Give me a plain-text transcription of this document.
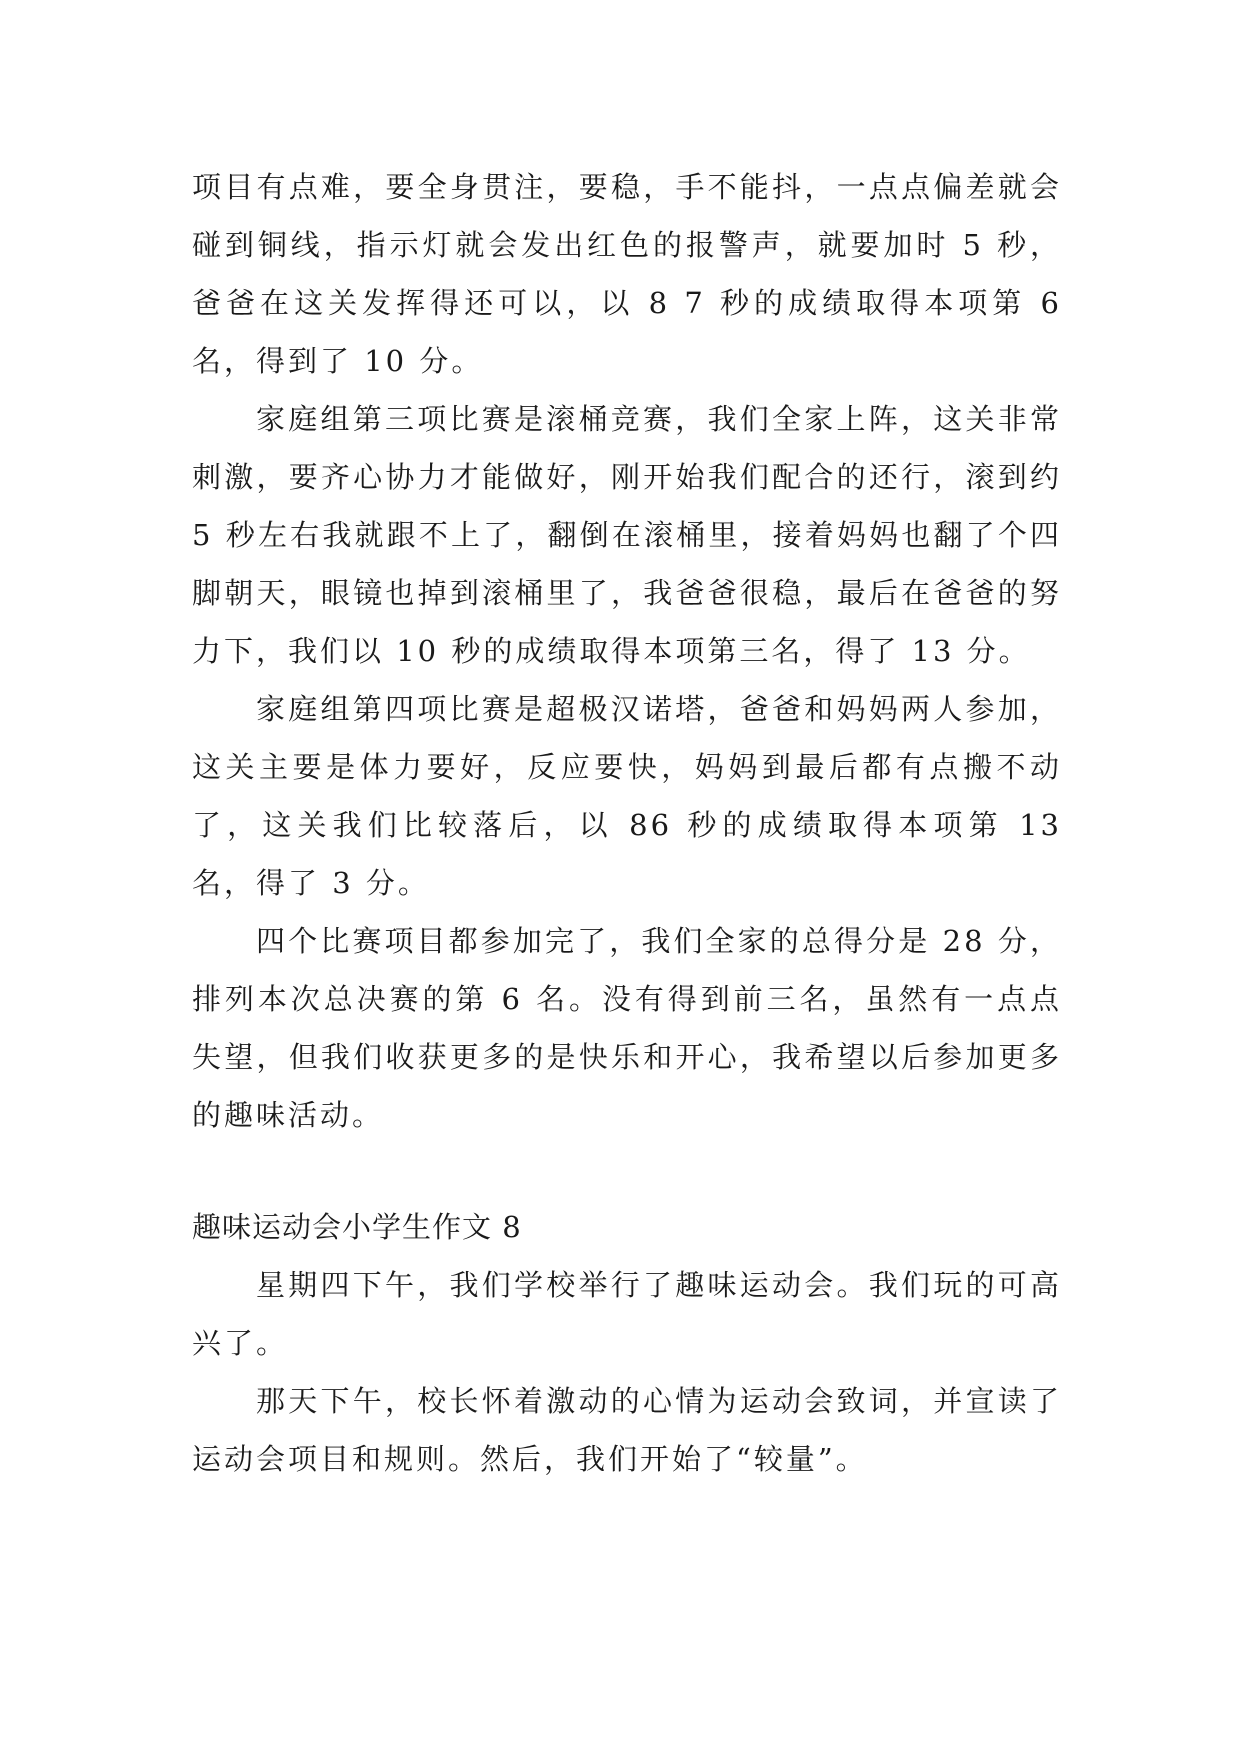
项目有点难，要全身贯注，要稳，手不能抖，一点点偏差就会碰到铜线，指示灯就会发出红色的报警声，就要加时 5 秒，爸爸在这关发挥得还可以，以 8 7 秒的成绩取得本项第 6 名，得到了 10 分。

家庭组第三项比赛是滚桶竞赛，我们全家上阵，这关非常刺激，要齐心协力才能做好，刚开始我们配合的还行，滚到约 5 秒左右我就跟不上了，翻倒在滚桶里，接着妈妈也翻了个四脚朝天，眼镜也掉到滚桶里了，我爸爸很稳，最后在爸爸的努力下，我们以 10 秒的成绩取得本项第三名，得了 13 分。

家庭组第四项比赛是超极汉诺塔，爸爸和妈妈两人参加，这关主要是体力要好，反应要快，妈妈到最后都有点搬不动了，这关我们比较落后，以 86 秒的成绩取得本项第 13 名，得了 3 分。

四个比赛项目都参加完了，我们全家的总得分是 28 分，排列本次总决赛的第 6 名。没有得到前三名，虽然有一点点失望，但我们收获更多的是快乐和开心，我希望以后参加更多的趣味活动。

趣味运动会小学生作文 8

星期四下午，我们学校举行了趣味运动会。我们玩的可高兴了。

那天下午，校长怀着激动的心情为运动会致词，并宣读了运动会项目和规则。然后，我们开始了“较量”。
